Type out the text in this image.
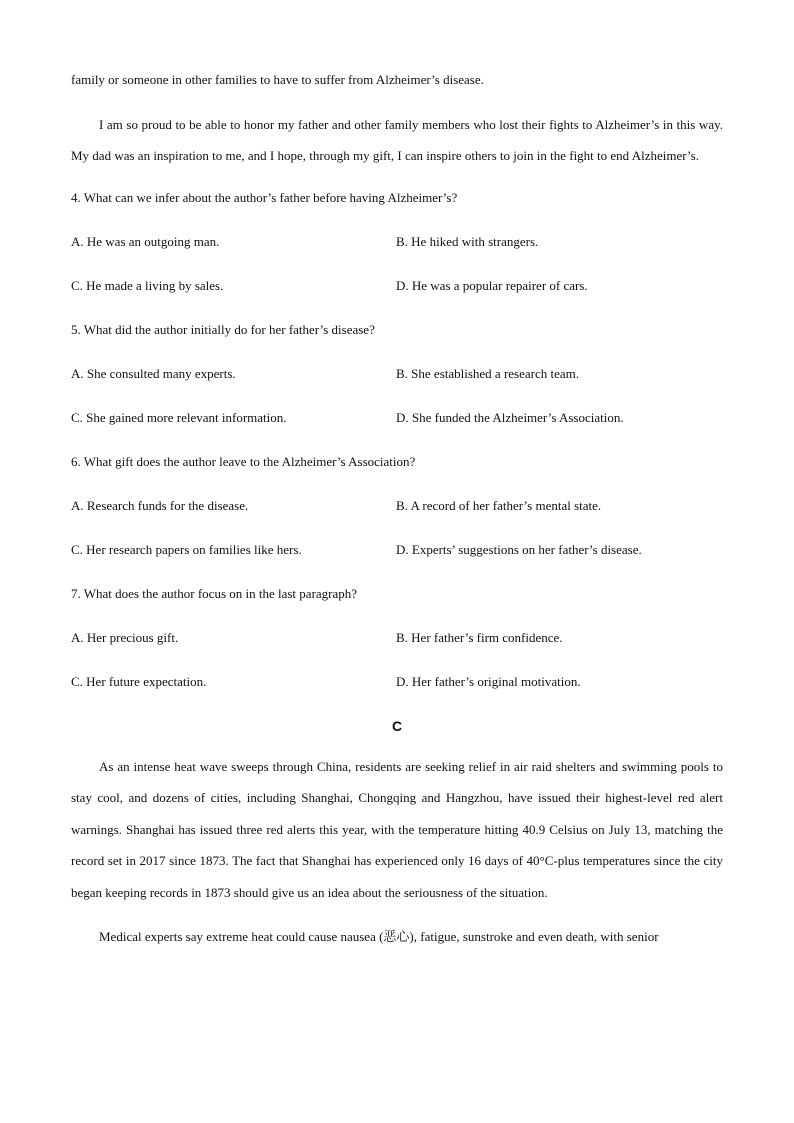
family or someone in other families to have to suffer from Alzheimer’s disease.

I am so proud to be able to honor my father and other family members who lost their fights to Alzheimer’s in this way. My dad was an inspiration to me, and I hope, through my gift, I can inspire others to join in the fight to end Alzheimer’s.

4. What can we infer about the author’s father before having Alzheimer’s?
A. He was an outgoing man.	B. He hiked with strangers.
C. He made a living by sales.	D. He was a popular repairer of cars.
5. What did the author initially do for her father’s disease?
A. She consulted many experts.	B. She established a research team.
C. She gained more relevant information.	D. She funded the Alzheimer’s Association.
6. What gift does the author leave to the Alzheimer’s Association?
A. Research funds for the disease.	B. A record of her father’s mental state.
C. Her research papers on families like hers.	D. Experts’ suggestions on her father’s disease.
7. What does the author focus on in the last paragraph?
A. Her precious gift.	B. Her father’s firm confidence.
C. Her future expectation.	D. Her father’s original motivation.
C

As an intense heat wave sweeps through China, residents are seeking relief in air raid shelters and swimming pools to stay cool, and dozens of cities, including Shanghai, Chongqing and Hangzhou, have issued their highest-level red alert warnings. Shanghai has issued three red alerts this year, with the temperature hitting 40.9 Celsius on July 13, matching the record set in 2017 since 1873. The fact that Shanghai has experienced only 16 days of 40°C-plus temperatures since the city began keeping records in 1873 should give us an idea about the seriousness of the situation.

Medical experts say extreme heat could cause nausea (恶心), fatigue, sunstroke and even death, with senior
